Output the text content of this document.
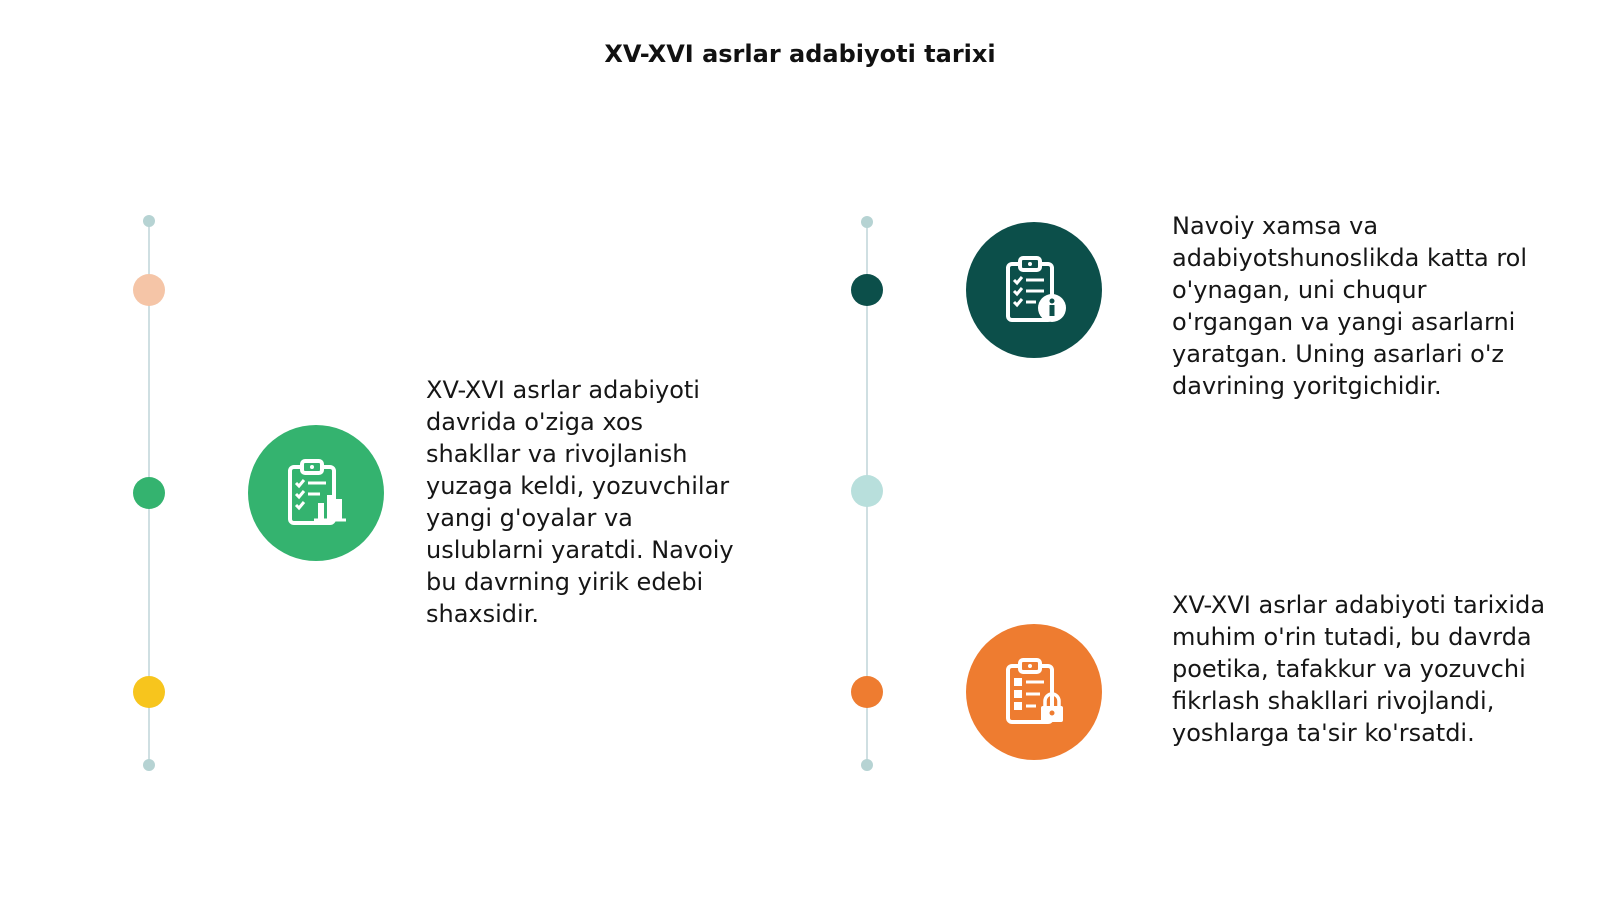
XV-XVI asrlar adabiyoti tarixi
XV-XVI asrlar adabiyoti davrida o'ziga xos shakllar va rivojlanish yuzaga keldi, yozuvchilar yangi g'oyalar va uslublarni yaratdi. Navoiy bu davrning yirik edebi shaxsidir.
Navoiy xamsa va adabiyotshunoslikda katta rol o'ynagan, uni chuqur o'rgangan va yangi asarlarni yaratgan. Uning asarlari o'z davrining yoritgichidir.
XV-XVI asrlar adabiyoti tarixida muhim o'rin tutadi, bu davrda poetika, tafakkur va yozuvchi fikrlash shakllari rivojlandi, yoshlarga ta'sir ko'rsatdi.
